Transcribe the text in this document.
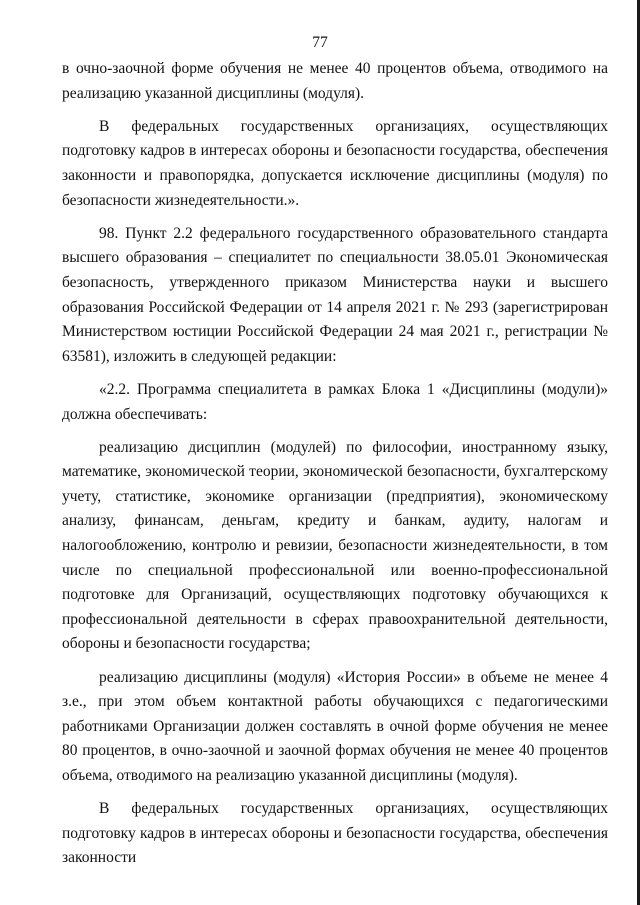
77

в очно-заочной форме обучения не менее 40 процентов объема, отводимого на реализацию указанной дисциплины (модуля).

В федеральных государственных организациях, осуществляющих подготовку кадров в интересах обороны и безопасности государства, обеспечения законности и правопорядка, допускается исключение дисциплины (модуля) по безопасности жизнедеятельности.».

98. Пункт 2.2 федерального государственного образовательного стандарта высшего образования – специалитет по специальности 38.05.01 Экономическая безопасность, утвержденного приказом Министерства науки и высшего образования Российской Федерации от 14 апреля 2021 г. № 293 (зарегистрирован Министерством юстиции Российской Федерации 24 мая 2021 г., регистрации № 63581), изложить в следующей редакции:

«2.2. Программа специалитета в рамках Блока 1 «Дисциплины (модули)» должна обеспечивать:

реализацию дисциплин (модулей) по философии, иностранному языку, математике, экономической теории, экономической безопасности, бухгалтерскому учету, статистике, экономике организации (предприятия), экономическому анализу, финансам, деньгам, кредиту и банкам, аудиту, налогам и налогообложению, контролю и ревизии, безопасности жизнедеятельности, в том числе по специальной профессиональной или военно-профессиональной подготовке для Организаций, осуществляющих подготовку обучающихся к профессиональной деятельности в сферах правоохранительной деятельности, обороны и безопасности государства;

реализацию дисциплины (модуля) «История России» в объеме не менее 4 з.е., при этом объем контактной работы обучающихся с педагогическими работниками Организации должен составлять в очной форме обучения не менее 80 процентов, в очно-заочной и заочной формах обучения не менее 40 процентов объема, отводимого на реализацию указанной дисциплины (модуля).

В федеральных государственных организациях, осуществляющих подготовку кадров в интересах обороны и безопасности государства, обеспечения законности
